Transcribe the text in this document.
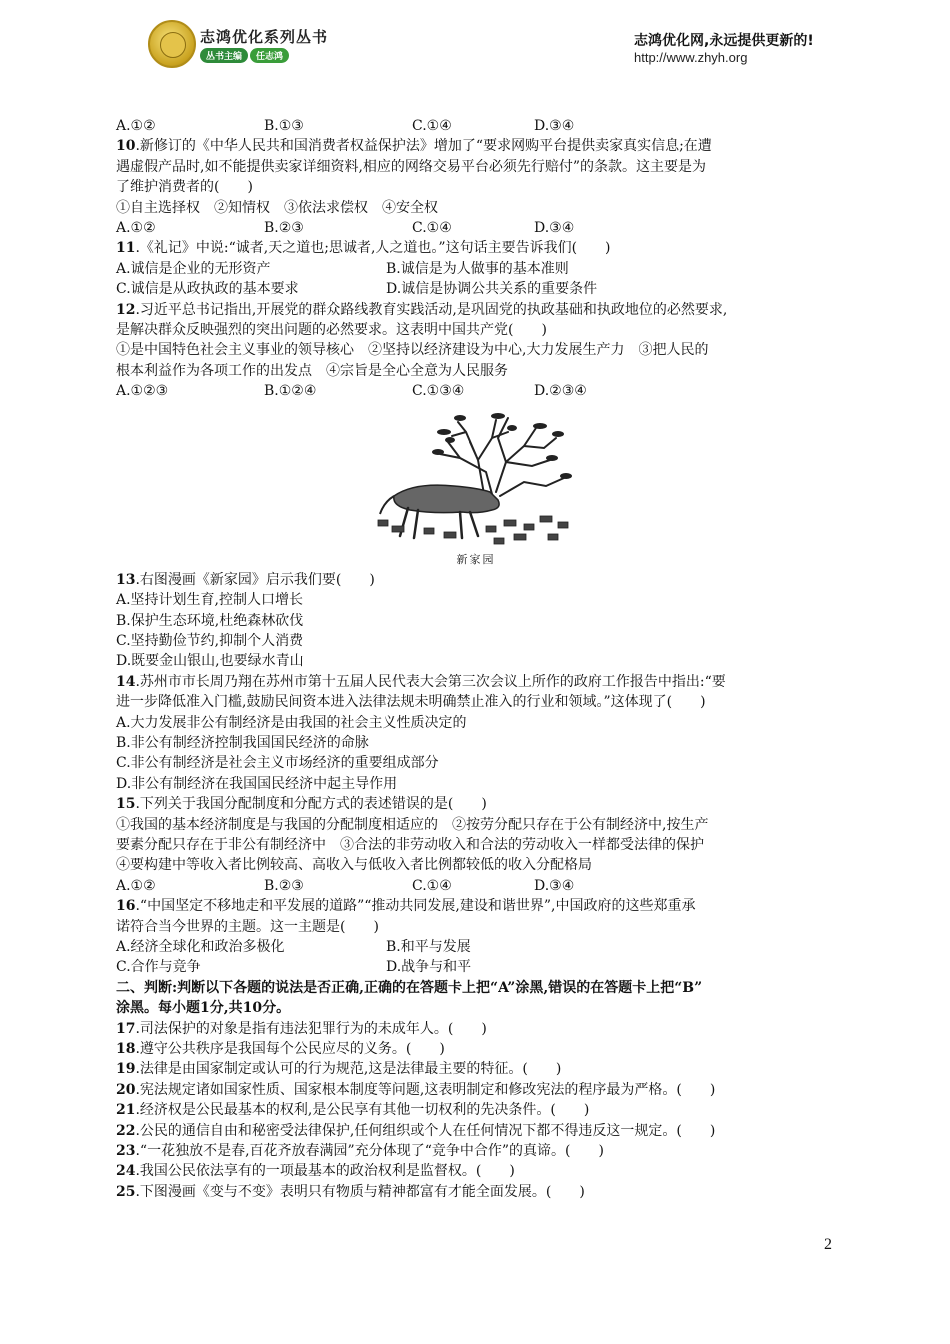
志鸿优化系列丛书
丛书主编	任志鸿
志鸿优化网,永远提供更新的!
http://www.zhyh.org
A.①②	B.①③	C.①④	D.③④
10.新修订的《中华人民共和国消费者权益保护法》增加了“要求网购平台提供卖家真实信息;在遭
遇虚假产品时,如不能提供卖家详细资料,相应的网络交易平台必须先行赔付”的条款。这主要是为
了维护消费者的(　　)
①自主选择权　②知情权　③依法求偿权　④安全权
A.①②	B.②③	C.①④	D.③④
11.《礼记》中说:“诚者,天之道也;思诚者,人之道也。”这句话主要告诉我们(　　)
A.诚信是企业的无形资产	B.诚信是为人做事的基本准则
C.诚信是从政执政的基本要求	D.诚信是协调公共关系的重要条件
12.习近平总书记指出,开展党的群众路线教育实践活动,是巩固党的执政基础和执政地位的必然要求,
是解决群众反映强烈的突出问题的必然要求。这表明中国共产党(　　)
①是中国特色社会主义事业的领导核心　②坚持以经济建设为中心,大力发展生产力　③把人民的
根本利益作为各项工作的出发点　④宗旨是全心全意为人民服务
A.①②③	B.①②④	C.①③④	D.②③④
新家园
13.右图漫画《新家园》启示我们要(　　)
A.坚持计划生育,控制人口增长
B.保护生态环境,杜绝森林砍伐
C.坚持勤俭节约,抑制个人消费
D.既要金山银山,也要绿水青山
14.苏州市市长周乃翔在苏州市第十五届人民代表大会第三次会议上所作的政府工作报告中指出:“要
进一步降低准入门槛,鼓励民间资本进入法律法规未明确禁止准入的行业和领域。”这体现了(　　)
A.大力发展非公有制经济是由我国的社会主义性质决定的
B.非公有制经济控制我国国民经济的命脉
C.非公有制经济是社会主义市场经济的重要组成部分
D.非公有制经济在我国国民经济中起主导作用
15.下列关于我国分配制度和分配方式的表述错误的是(　　)
①我国的基本经济制度是与我国的分配制度相适应的　②按劳分配只存在于公有制经济中,按生产
要素分配只存在于非公有制经济中　③合法的非劳动收入和合法的劳动收入一样都受法律的保护
④要构建中等收入者比例较高、高收入与低收入者比例都较低的收入分配格局
A.①②	B.②③	C.①④	D.③④
16.“中国坚定不移地走和平发展的道路”“推动共同发展,建设和谐世界”,中国政府的这些郑重承
诺符合当今世界的主题。这一主题是(　　)
A.经济全球化和政治多极化	B.和平与发展
C.合作与竞争	D.战争与和平
二、判断:判断以下各题的说法是否正确,正确的在答题卡上把“A”涂黑,错误的在答题卡上把“B”
涂黑。每小题1分,共10分。
17.司法保护的对象是指有违法犯罪行为的未成年人。(　　)
18.遵守公共秩序是我国每个公民应尽的义务。(　　)
19.法律是由国家制定或认可的行为规范,这是法律最主要的特征。(　　)
20.宪法规定诸如国家性质、国家根本制度等问题,这表明制定和修改宪法的程序最为严格。(　　)
21.经济权是公民最基本的权利,是公民享有其他一切权利的先决条件。(　　)
22.公民的通信自由和秘密受法律保护,任何组织或个人在任何情况下都不得违反这一规定。(　　)
23.“一花独放不是春,百花齐放春满园”充分体现了“竞争中合作”的真谛。(　　)
24.我国公民依法享有的一项最基本的政治权利是监督权。(　　)
25.下图漫画《变与不变》表明只有物质与精神都富有才能全面发展。(　　)
2
